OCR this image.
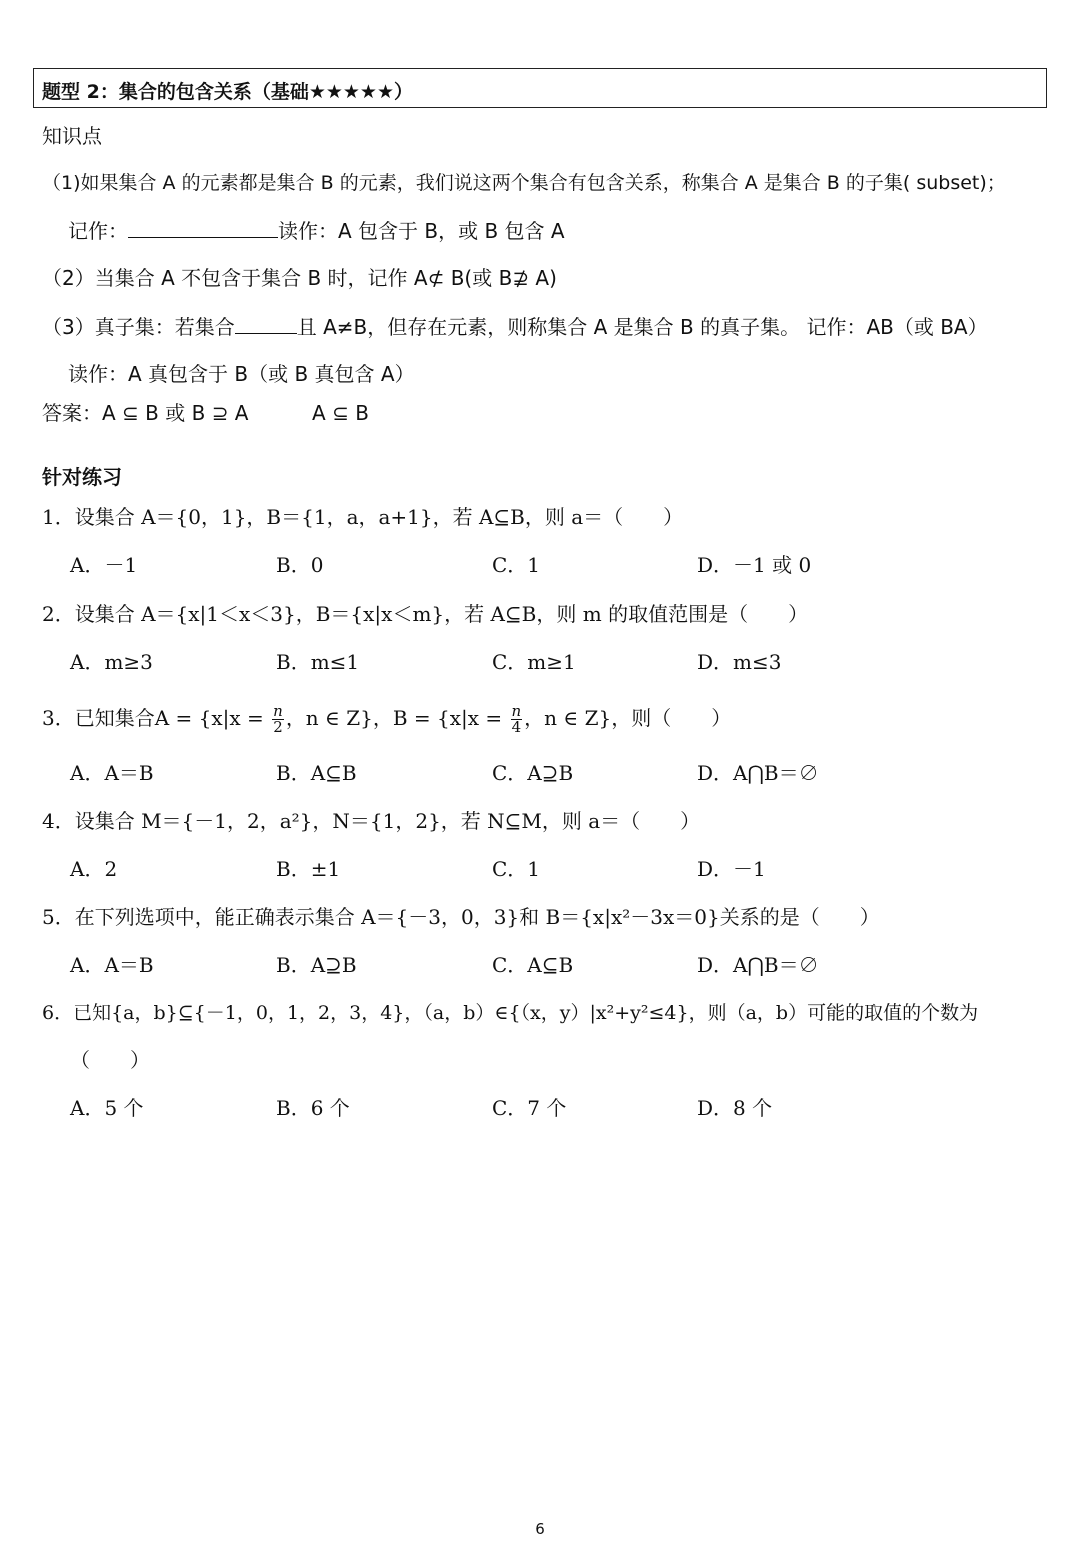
题型 2：集合的包含关系（基础★★★★★）
知识点
（1)如果集合 A 的元素都是集合 B 的元素，我们说这两个集合有包含关系，称集合 A 是集合 B 的子集( subset)；
记作：	读作：A 包含于 B，或 B 包含 A
（2）当集合 A 不包含于集合 B 时，记作 A⊄ B(或 B⊉ A)
（3）真子集：若集合	且 A≠B，但存在元素，则称集合 A 是集合 B 的真子集。 记作：AB（或 BA）
读作：A 真包含于 B（或 B 真包含 A）
答案：A ⊆ B 或 B ⊇ A          A ⊆ B
针对练习
1．设集合 A＝{0，1}，B＝{1，a，a+1}，若 A⊆B，则 a＝（　　）
A．－1	B．0	C．1	D．－1 或 0
2．设集合 A＝{x|1＜x＜3}，B＝{x|x＜m}，若 A⊆B，则 m 的取值范围是（　　）
A．m≥3	B．m≤1	C．m≥1	D．m≤3
3．已知集合$A = \{x|x = \frac{n}{2}$ ，n ∈ Z}，$B = \{x|x = \frac{n}{4}$ ，n ∈ Z}，则（　　）
A．A＝B	B．A⊆B	C．A⊇B	D．A⋂B＝∅
4．设集合 M＝{－1，2，a²}，N＝{1，2}，若 N⊆M，则 a＝（　　）
A．2	B．±1	C．1	D．－1
5．在下列选项中，能正确表示集合 A＝{－3，0，3}和 B＝{x|x²－3x＝0}关系的是（　　）
A．A＝B	B．A⊇B	C．A⊆B	D．A⋂B＝∅
6．已知{a，b}⊆{－1，0，1，2，3，4}，（a，b）∈{（x，y）|x²+y²≤4}，则（a，b）可能的取值的个数为
（　　）
A．5 个	B．6 个	C．7 个	D．8 个
6
